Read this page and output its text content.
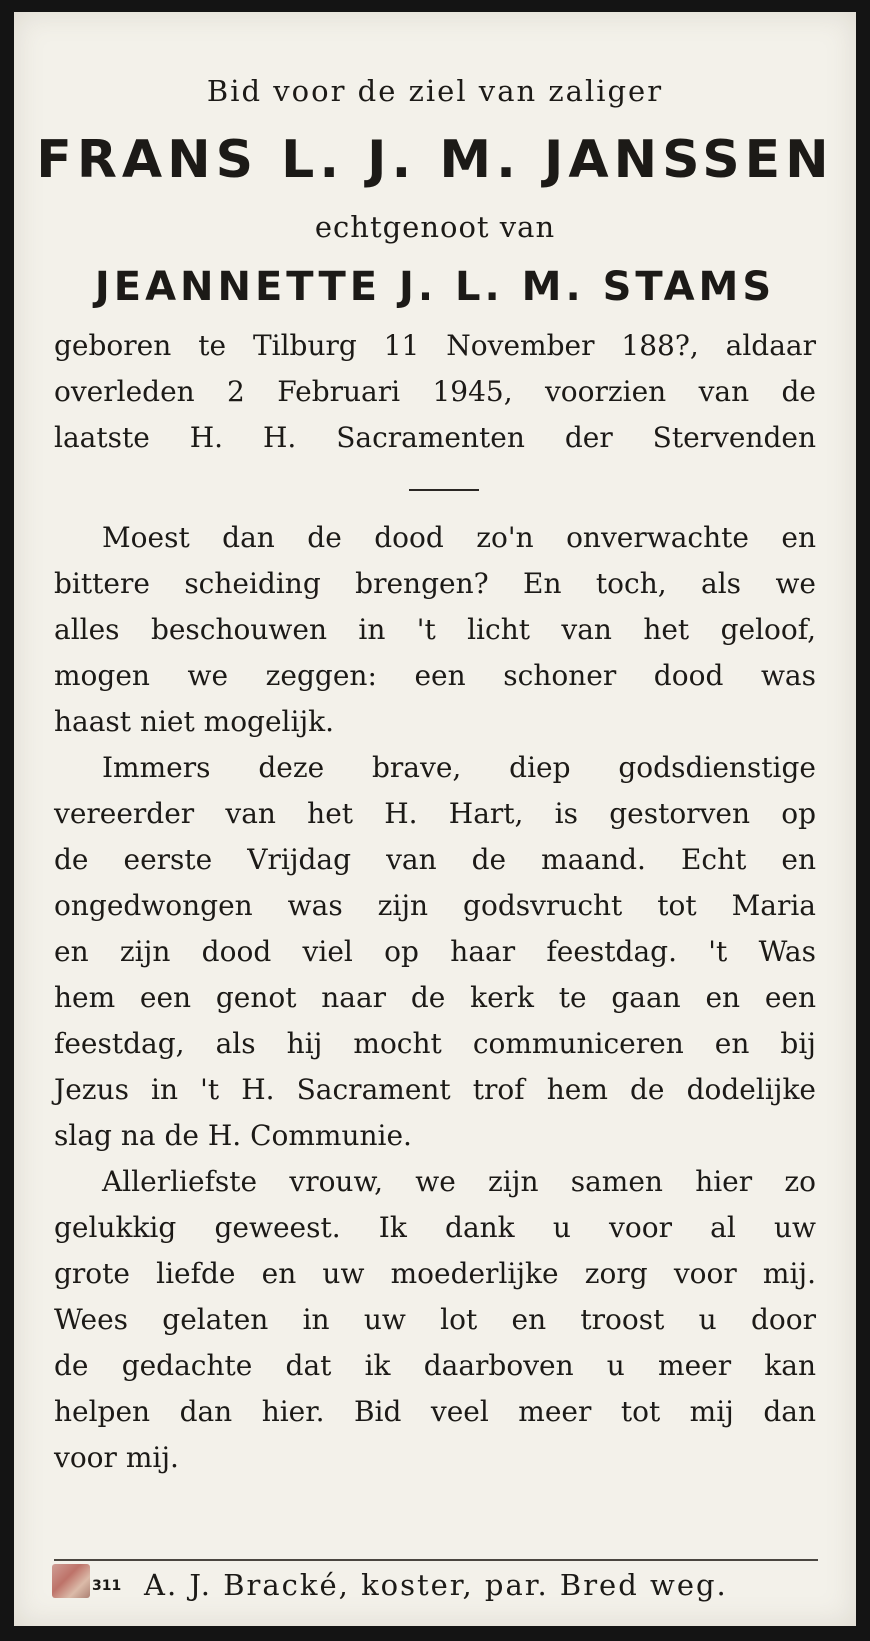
Bid voor de ziel van zaliger
FRANS L. J. M. JANSSEN
echtgenoot van
JEANNETTE J. L. M. STAMS
geboren te Tilburg 11 November 188?, aldaar
overleden 2 Februari 1945, voorzien van de
laatste H. H. Sacramenten der Stervenden
Moest dan de dood zo'n onverwachte en
bittere scheiding brengen? En toch, als we
alles beschouwen in 't licht van het geloof,
mogen we zeggen: een schoner dood was
haast niet mogelijk.
Immers deze brave, diep godsdienstige
vereerder van het H. Hart, is gestorven op
de eerste Vrijdag van de maand. Echt en
ongedwongen was zijn godsvrucht tot Maria
en zijn dood viel op haar feestdag. 't Was
hem een genot naar de kerk te gaan en een
feestdag, als hij mocht communiceren en bij
Jezus in 't H. Sacrament trof hem de dodelijke
slag na de H. Communie.
Allerliefste vrouw, we zijn samen hier zo
gelukkig geweest. Ik dank u voor al uw
grote liefde en uw moederlijke zorg voor mij.
Wees gelaten in uw lot en troost u door
de gedachte dat ik daarboven u meer kan
helpen dan hier. Bid veel meer tot mij dan
voor mij.
311 A. J. Bracké, koster, par. Bred weg.
